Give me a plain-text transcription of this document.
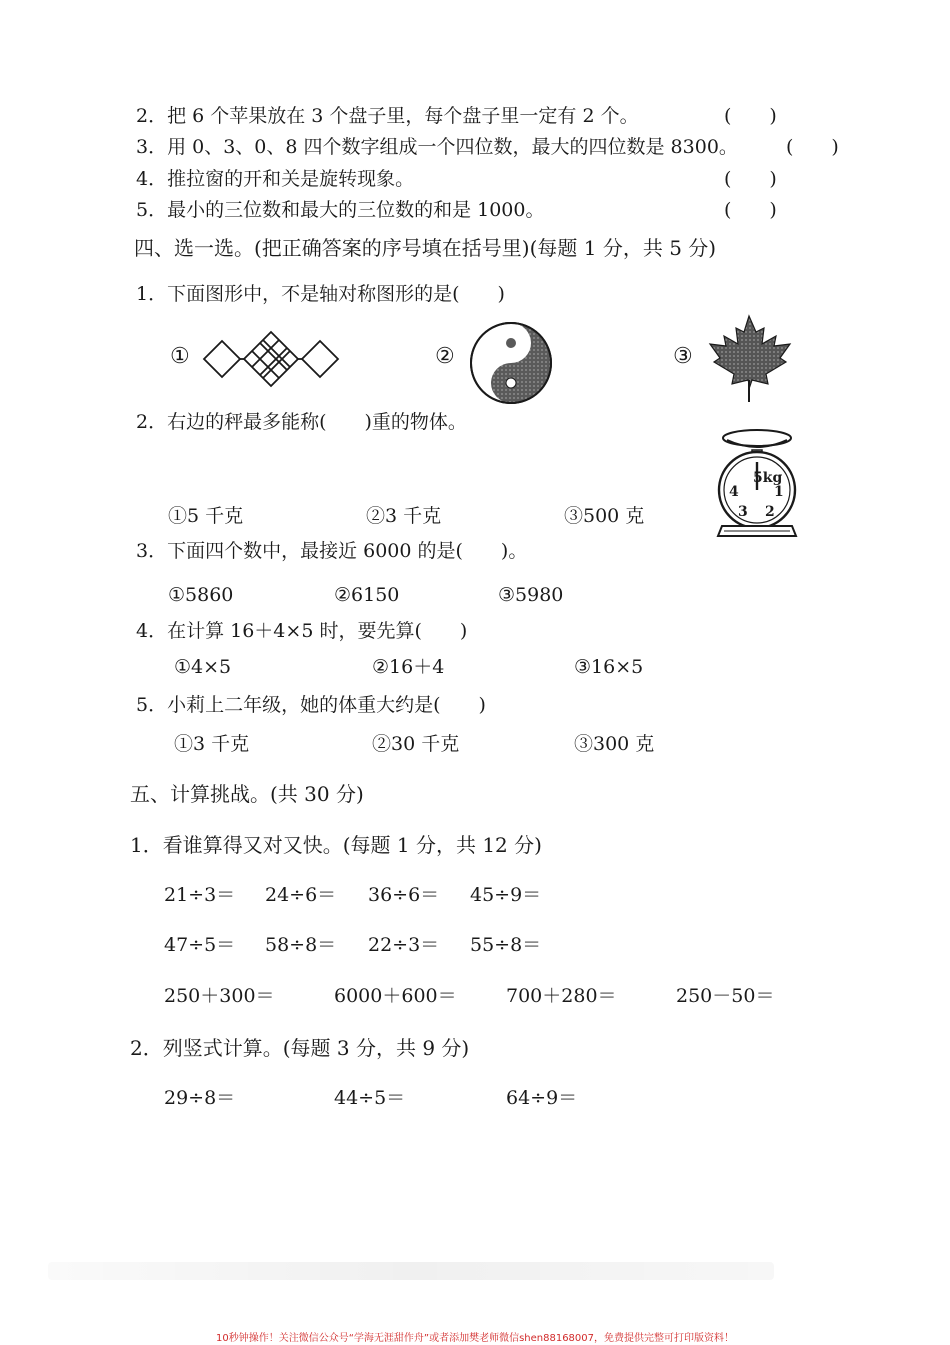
2．把 6 个苹果放在 3 个盘子里，每个盘子里一定有 2 个。	(　　)
3．用 0、3、0、8 四个数字组成一个四位数，最大的四位数是 8300。	(　　)
4．推拉窗的开和关是旋转现象。	(　　)
5．最小的三位数和最大的三位数的和是 1000。	(　　)
四、选一选。(把正确答案的序号填在括号里)(每题 1 分，共 5 分)
1．下面图形中，不是轴对称图形的是(　　)
①	②	③
2．右边的秤最多能称(　　)重的物体。
5kg
1
4
3 2
①5 千克	②3 千克	③500 克
3．下面四个数中，最接近 6000 的是(　　)。
①5860	②6150	③5980
4．在计算 16＋4×5 时，要先算(　　)
①4×5	②16＋4	③16×5
5．小莉上二年级，她的体重大约是(　　)
①3 千克	②30 千克	③300 克
五、计算挑战。(共 30 分)
1．看谁算得又对又快。(每题 1 分，共 12 分)
21÷3＝ 24÷6＝ 36÷6＝ 45÷9＝
47÷5＝ 58÷8＝ 22÷3＝ 55÷8＝
250＋300＝	6000＋600＝	700＋280＝	250－50＝
2．列竖式计算。(每题 3 分，共 9 分)
29÷8＝	44÷5＝	64÷9＝
10秒钟操作！关注微信公众号“学海无涯甜作舟”或者添加樊老师微信shen88168007，免费提供完整可打印版资料！
